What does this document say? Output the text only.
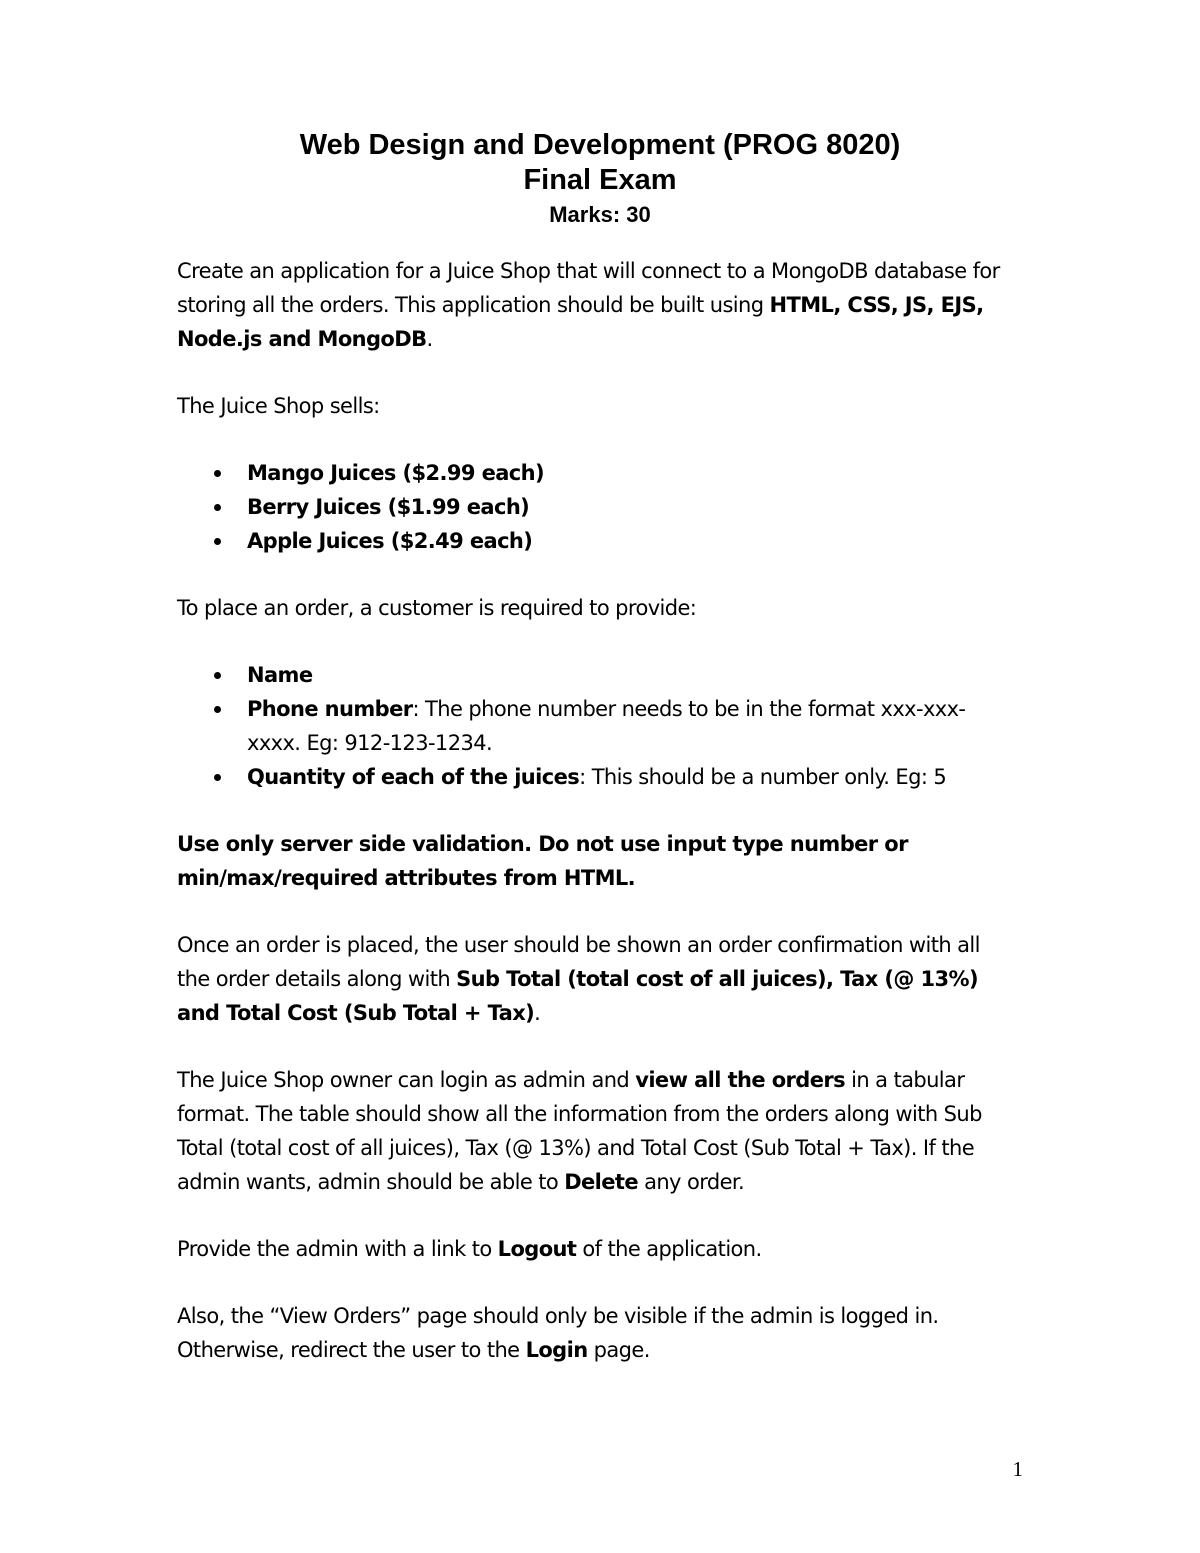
Web Design and Development (PROG 8020)
Final Exam
Marks: 30

Create an application for a Juice Shop that will connect to a MongoDB database for storing all the orders. This application should be built using HTML, CSS, JS, EJS, Node.js and MongoDB.

The Juice Shop sells:

Mango Juices ($2.99 each)
Berry Juices ($1.99 each)
Apple Juices ($2.49 each)

To place an order, a customer is required to provide:

Name
Phone number: The phone number needs to be in the format xxx-xxx-xxxx. Eg: 912-123-1234.
Quantity of each of the juices: This should be a number only. Eg: 5

Use only server side validation. Do not use input type number or min/max/required attributes from HTML.

Once an order is placed, the user should be shown an order confirmation with all the order details along with Sub Total (total cost of all juices), Tax (@ 13%) and Total Cost (Sub Total + Tax).

The Juice Shop owner can login as admin and view all the orders in a tabular format. The table should show all the information from the orders along with Sub Total (total cost of all juices), Tax (@ 13%) and Total Cost (Sub Total + Tax). If the admin wants, admin should be able to Delete any order.

Provide the admin with a link to Logout of the application.

Also, the “View Orders” page should only be visible if the admin is logged in. Otherwise, redirect the user to the Login page.

1
